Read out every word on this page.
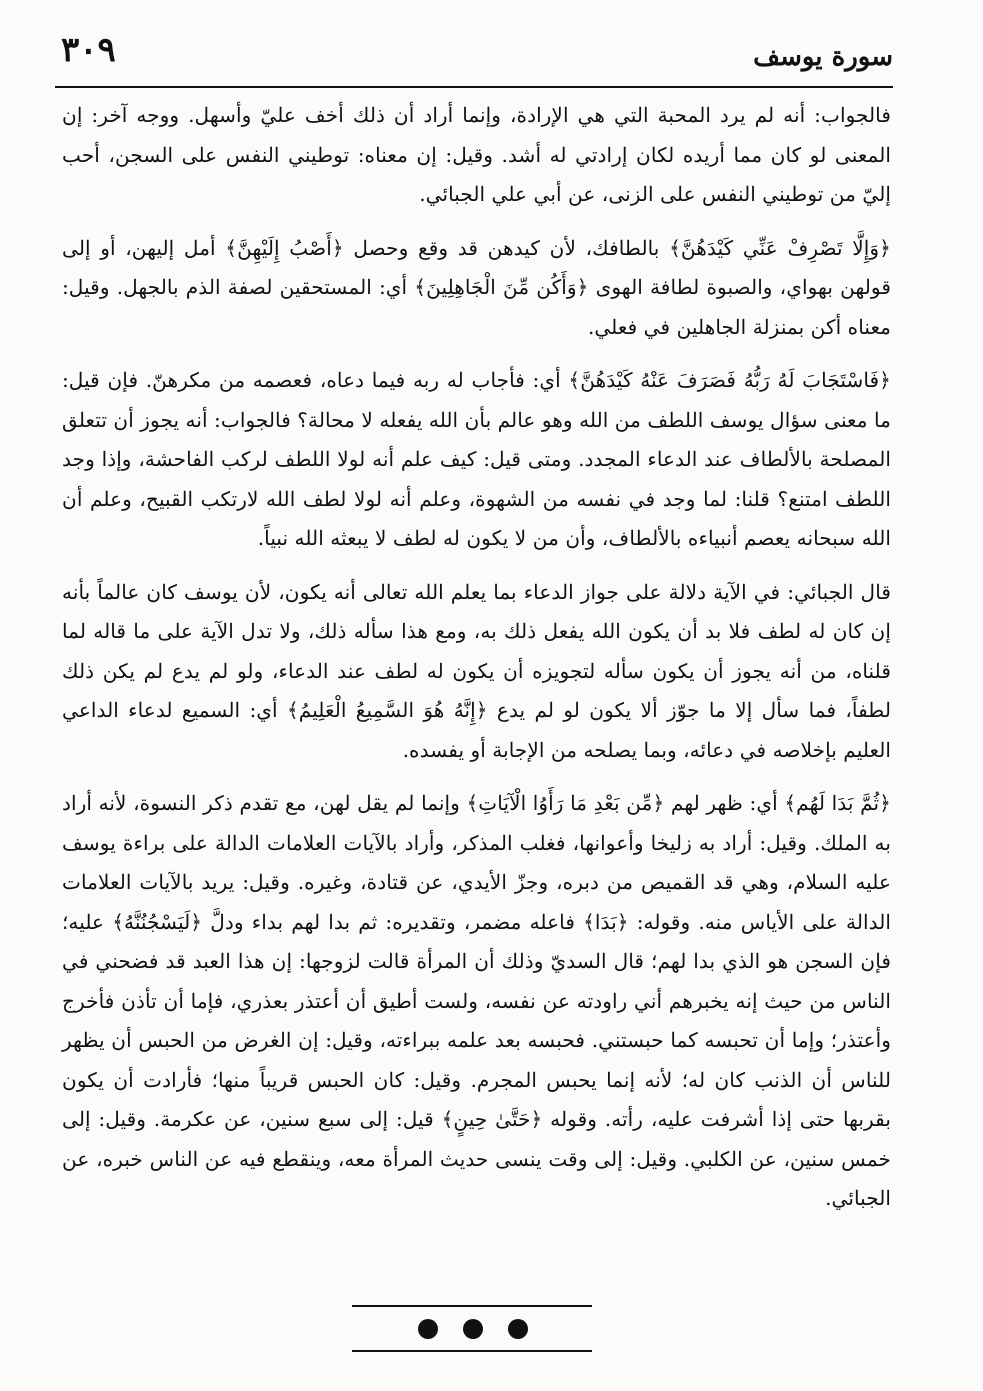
سورة يوسف
٣٠٩

فالجواب: أنه لم يرد المحبة التي هي الإرادة، وإنما أراد أن ذلك أخف عليّ وأسهل. ووجه آخر: إن المعنى لو كان مما أريده لكان إرادتي له أشد. وقيل: إن معناه: توطيني النفس على السجن، أحب إليّ من توطيني النفس على الزنى، عن أبي علي الجبائي.

﴿وَإِلَّا تَصْرِفْ عَنِّي كَيْدَهُنَّ﴾ بالطافك، لأن كيدهن قد وقع وحصل ﴿أَصْبُ إِلَيْهِنَّ﴾ أمل إليهن، أو إلى قولهن بهواي، والصبوة لطافة الهوى ﴿وَأَكُن مِّنَ الْجَاهِلِينَ﴾ أي: المستحقين لصفة الذم بالجهل. وقيل: معناه أكن بمنزلة الجاهلين في فعلي.

﴿فَاسْتَجَابَ لَهُ رَبُّهُ فَصَرَفَ عَنْهُ كَيْدَهُنَّ﴾ أي: فأجاب له ربه فيما دعاه، فعصمه من مكرهنّ. فإن قيل: ما معنى سؤال يوسف اللطف من الله وهو عالم بأن الله يفعله لا محالة؟ فالجواب: أنه يجوز أن تتعلق المصلحة بالألطاف عند الدعاء المجدد. ومتى قيل: كيف علم أنه لولا اللطف لركب الفاحشة، وإذا وجد اللطف امتنع؟ قلنا: لما وجد في نفسه من الشهوة، وعلم أنه لولا لطف الله لارتكب القبيح، وعلم أن الله سبحانه يعصم أنبياءه بالألطاف، وأن من لا يكون له لطف لا يبعثه الله نبياً.

قال الجبائي: في الآية دلالة على جواز الدعاء بما يعلم الله تعالى أنه يكون، لأن يوسف كان عالماً بأنه إن كان له لطف فلا بد أن يكون الله يفعل ذلك به، ومع هذا سأله ذلك، ولا تدل الآية على ما قاله لما قلناه، من أنه يجوز أن يكون سأله لتجويزه أن يكون له لطف عند الدعاء، ولو لم يدع لم يكن ذلك لطفاً، فما سأل إلا ما جوّز ألا يكون لو لم يدع ﴿إِنَّهُ هُوَ السَّمِيعُ الْعَلِيمُ﴾ أي: السميع لدعاء الداعي العليم بإخلاصه في دعائه، وبما يصلحه من الإجابة أو يفسده.

﴿ثُمَّ بَدَا لَهُم﴾ أي: ظهر لهم ﴿مِّن بَعْدِ مَا رَأَوُا الْآيَاتِ﴾ وإنما لم يقل لهن، مع تقدم ذكر النسوة، لأنه أراد به الملك. وقيل: أراد به زليخا وأعوانها، فغلب المذكر، وأراد بالآيات العلامات الدالة على براءة يوسف عليه السلام، وهي قد القميص من دبره، وجزّ الأيدي، عن قتادة، وغيره. وقيل: يريد بالآيات العلامات الدالة على الأياس منه. وقوله: ﴿بَدَا﴾ فاعله مضمر، وتقديره: ثم بدا لهم بداء ودلَّ ﴿لَيَسْجُنُنَّهُ﴾ عليه؛ فإن السجن هو الذي بدا لهم؛ قال السديّ وذلك أن المرأة قالت لزوجها: إن هذا العبد قد فضحني في الناس من حيث إنه يخبرهم أني راودته عن نفسه، ولست أطيق أن أعتذر بعذري، فإما أن تأذن فأخرج وأعتذر؛ وإما أن تحبسه كما حبستني. فحبسه بعد علمه ببراءته، وقيل: إن الغرض من الحبس أن يظهر للناس أن الذنب كان له؛ لأنه إنما يحبس المجرم. وقيل: كان الحبس قريباً منها؛ فأرادت أن يكون بقربها حتى إذا أشرفت عليه، رأته. وقوله ﴿حَتَّىٰ حِينٍ﴾ قيل: إلى سبع سنين، عن عكرمة. وقيل: إلى خمس سنين، عن الكلبي. وقيل: إلى وقت ينسى حديث المرأة معه، وينقطع فيه عن الناس خبره، عن الجبائي.
